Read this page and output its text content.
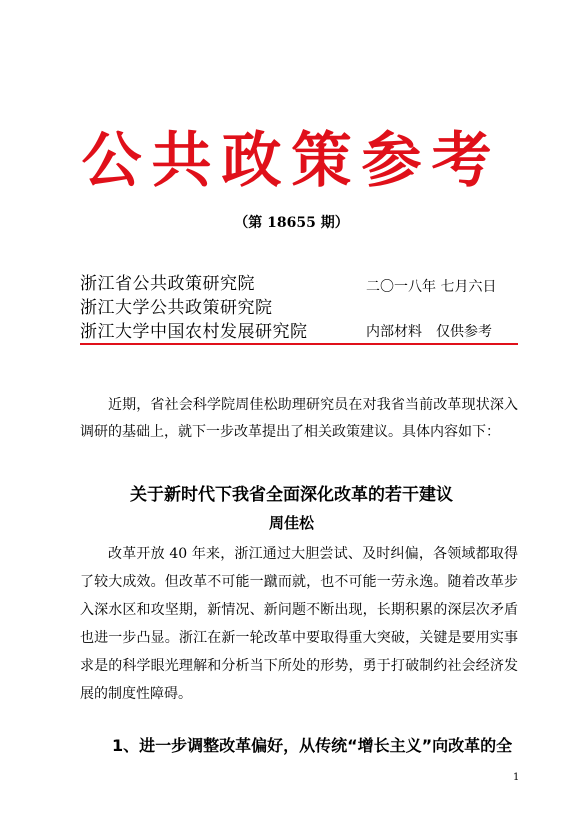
公共政策参考
（第 18655 期）
浙江省公共政策研究院
浙江大学公共政策研究院
浙江大学中国农村发展研究院
二〇一八年 七月六日
内部材料　仅供参考
近期，省社会科学院周佳松助理研究员在对我省当前改革现状深入调研的基础上，就下一步改革提出了相关政策建议。具体内容如下：
关于新时代下我省全面深化改革的若干建议
周佳松
改革开放 40 年来，浙江通过大胆尝试、及时纠偏，各领域都取得了较大成效。但改革不可能一蹴而就，也不可能一劳永逸。随着改革步入深水区和攻坚期，新情况、新问题不断出现，长期积累的深层次矛盾也进一步凸显。浙江在新一轮改革中要取得重大突破，关键是要用实事求是的科学眼光理解和分析当下所处的形势，勇于打破制约社会经济发展的制度性障碍。
1、进一步调整改革偏好，从传统“增长主义”向改革的全
1
